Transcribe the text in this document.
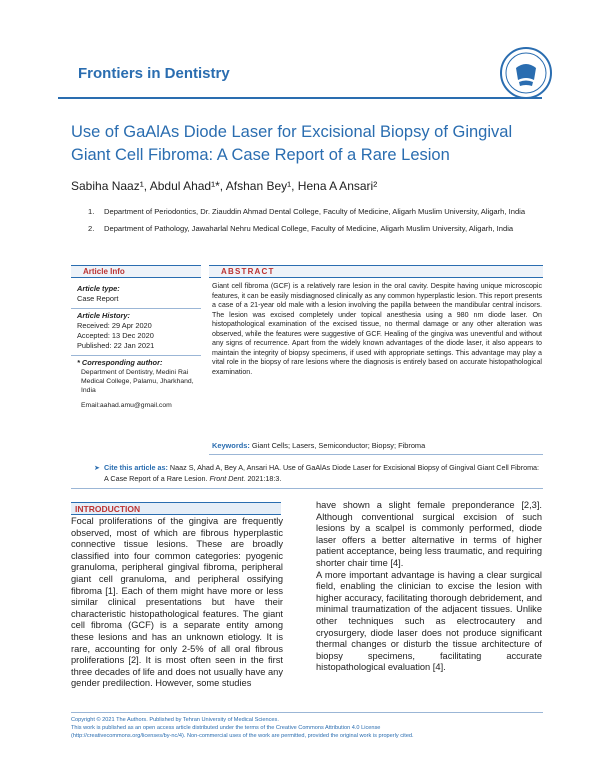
Frontiers in Dentistry
Use of GaAlAs Diode Laser for Excisional Biopsy of Gingival Giant Cell Fibroma: A Case Report of a Rare Lesion
Sabiha Naaz¹, Abdul Ahad¹*, Afshan Bey¹, Hena A Ansari²
1.	Department of Periodontics, Dr. Ziauddin Ahmad Dental College, Faculty of Medicine, Aligarh Muslim University, Aligarh, India
2.	Department of Pathology, Jawaharlal Nehru Medical College, Faculty of Medicine, Aligarh Muslim University, Aligarh, India
Article Info	ABSTRACT
Article type:
Case Report
Article History:
Received: 29 Apr 2020
Accepted: 13 Dec 2020
Published: 22 Jan 2021
* Corresponding author:
Department of Dentistry, Medini Rai Medical College, Palamu, Jharkhand, India
Email:aahad.amu@gmail.com
Giant cell fibroma (GCF) is a relatively rare lesion in the oral cavity. Despite having unique microscopic features, it can be easily misdiagnosed clinically as any common hyperplastic lesion. This report presents a case of a 21-year old male with a lesion involving the papilla between the mandibular central incisors. The lesion was excised completely under topical anesthesia using a 980 nm diode laser. On histopathological examination of the excised tissue, no thermal damage or any other alteration was observed, while the features were suggestive of GCF. Healing of the gingiva was uneventful and without any signs of recurrence. Apart from the widely known advantages of the diode laser, it also appears to maintain the integrity of biopsy specimens, if used with appropriate settings. This advantage may play a vital role in the biopsy of rare lesions where the diagnosis is entirely based on accurate histopathological examination.
Keywords: Giant Cells; Lasers, Semiconductor; Biopsy; Fibroma
➤ Cite this article as: Naaz S, Ahad A, Bey A, Ansari HA. Use of GaAlAs Diode Laser for Excisional Biopsy of Gingival Giant Cell Fibroma: A Case Report of a Rare Lesion. Front Dent. 2021:18:3.
INTRODUCTION
Focal proliferations of the gingiva are frequently observed, most of which are fibrous hyperplastic connective tissue lesions. These are broadly classified into four common categories: pyogenic granuloma, peripheral gingival fibroma, peripheral giant cell granuloma, and peripheral ossifying fibroma [1]. Each of them might have more or less similar clinical presentations but have their characteristic histopathological features. The giant cell fibroma (GCF) is a separate entity among these lesions and has an unknown etiology. It is rare, accounting for only 2-5% of all oral fibrous proliferations [2]. It is most often seen in the first three decades of life and does not usually have any gender predilection. However, some studies

have shown a slight female preponderance [2,3]. Although conventional surgical excision of such lesions by a scalpel is commonly performed, diode laser offers a better alternative in terms of higher patient acceptance, being less traumatic, and requiring shorter chair time [4].

A more important advantage is having a clear surgical field, enabling the clinician to excise the lesion with higher accuracy, facilitating thorough debridement, and minimal traumatization of the adjacent tissues. Unlike other techniques such as electrocautery and cryosurgery, diode laser does not produce significant thermal changes or disturb the tissue architecture of biopsy specimens, facilitating accurate histopathological evaluation [4].

Copyright © 2021 The Authors. Published by Tehran University of Medical Sciences.
This work is published as an open access article distributed under the terms of the Creative Commons Attribution 4.0 License
(http://creativecommons.org/licenses/by-nc/4). Non-commercial uses of the work are permitted, provided the original work is properly cited.
